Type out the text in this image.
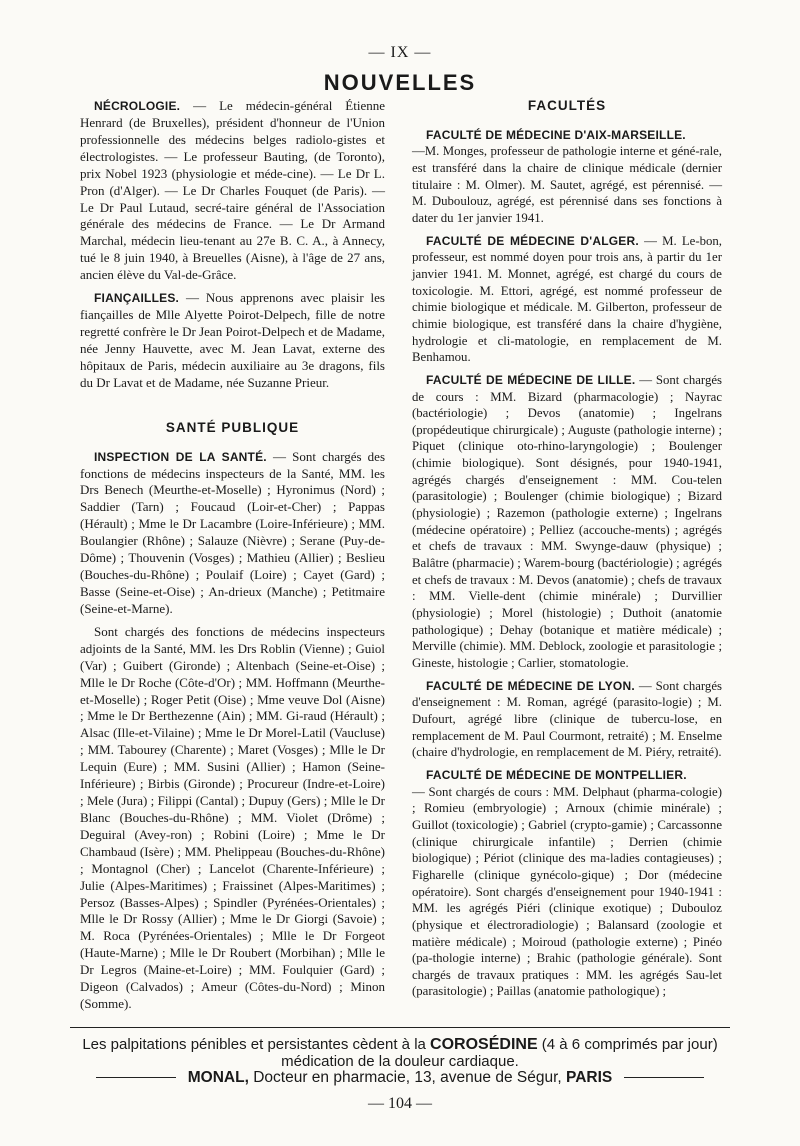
— IX —
NOUVELLES

NÉCROLOGIE. — Le médecin-général Étienne Henrard (de Bruxelles), président d'honneur de l'Union professionnelle des médecins belges radiolo-gistes et électrologistes. — Le professeur Bauting, (de Toronto), prix Nobel 1923 (physiologie et méde-cine). — Le Dr L. Pron (d'Alger). — Le Dr Charles Fouquet (de Paris). — Le Dr Paul Lutaud, secré-taire général de l'Association générale des médecins de France. — Le Dr Armand Marchal, médecin lieu-tenant au 27e B. C. A., à Annecy, tué le 8 juin 1940, à Breuelles (Aisne), à l'âge de 27 ans, ancien élève du Val-de-Grâce.

FIANÇAILLES. — Nous apprenons avec plaisir les fiançailles de Mlle Alyette Poirot-Delpech, fille de notre regretté confrère le Dr Jean Poirot-Delpech et de Madame, née Jenny Hauvette, avec M. Jean Lavat, externe des hôpitaux de Paris, médecin auxiliaire au 3e dragons, fils du Dr Lavat et de Madame, née Suzanne Prieur.

SANTÉ PUBLIQUE

INSPECTION DE LA SANTÉ. — Sont chargés des fonctions de médecins inspecteurs de la Santé, MM. les Drs Benech (Meurthe-et-Moselle) ; Hyronimus (Nord) ; Saddier (Tarn) ; Foucaud (Loir-et-Cher) ; Pappas (Hérault) ; Mme le Dr Lacambre (Loire-Inférieure) ; MM. Boulangier (Rhône) ; Salauze (Nièvre) ; Serane (Puy-de-Dôme) ; Thouvenin (Vosges) ; Mathieu (Allier) ; Beslieu (Bouches-du-Rhône) ; Poulaif (Loire) ; Cayet (Gard) ; Basse (Seine-et-Oise) ; An-drieux (Manche) ; Petitmaire (Seine-et-Marne).

Sont chargés des fonctions de médecins inspecteurs adjoints de la Santé, MM. les Drs Roblin (Vienne) ; Guiol (Var) ; Guibert (Gironde) ; Altenbach (Seine-et-Oise) ; Mlle le Dr Roche (Côte-d'Or) ; MM. Hoffmann (Meurthe-et-Moselle) ; Roger Petit (Oise) ; Mme veuve Dol (Aisne) ; Mme le Dr Berthezenne (Ain) ; MM. Gi-raud (Hérault) ; Alsac (Ille-et-Vilaine) ; Mme le Dr Morel-Latil (Vaucluse) ; MM. Tabourey (Charente) ; Maret (Vosges) ; Mlle le Dr Lequin (Eure) ; MM. Susini (Allier) ; Hamon (Seine-Inférieure) ; Birbis (Gironde) ; Procureur (Indre-et-Loire) ; Mele (Jura) ; Filippi (Cantal) ; Dupuy (Gers) ; Mlle le Dr Blanc (Bouches-du-Rhône) ; MM. Violet (Drôme) ; Deguiral (Avey-ron) ; Robini (Loire) ; Mme le Dr Chambaud (Isère) ; MM. Phelippeau (Bouches-du-Rhône) ; Montagnol (Cher) ; Lancelot (Charente-Inférieure) ; Julie (Alpes-Maritimes) ; Fraissinet (Alpes-Maritimes) ; Persoz (Basses-Alpes) ; Spindler (Pyrénées-Orientales) ; Mlle le Dr Rossy (Allier) ; Mme le Dr Giorgi (Savoie) ; M. Roca (Pyrénées-Orientales) ; Mlle le Dr Forgeot (Haute-Marne) ; Mlle le Dr Roubert (Morbihan) ; Mlle le Dr Legros (Maine-et-Loire) ; MM. Foulquier (Gard) ; Digeon (Calvados) ; Ameur (Côtes-du-Nord) ; Minon (Somme).

FACULTÉS

FACULTÉ DE MÉDECINE D'AIX-MARSEILLE.
—M. Monges, professeur de pathologie interne et géné-rale, est transféré dans la chaire de clinique médicale (dernier titulaire : M. Olmer). M. Sautet, agrégé, est pérennisé. — M. Duboulouz, agrégé, est pérennisé dans ses fonctions à dater du 1er janvier 1941.

FACULTÉ DE MÉDECINE D'ALGER. — M. Le-bon, professeur, est nommé doyen pour trois ans, à partir du 1er janvier 1941. M. Monnet, agrégé, est chargé du cours de toxicologie. M. Ettori, agrégé, est nommé professeur de chimie biologique et médicale. M. Gilberton, professeur de chimie biologique, est transféré dans la chaire d'hygiène, hydrologie et cli-matologie, en remplacement de M. Benhamou.

FACULTÉ DE MÉDECINE DE LILLE. — Sont chargés de cours : MM. Bizard (pharmacologie) ; Nayrac (bactériologie) ; Devos (anatomie) ; Ingelrans (propédeutique chirurgicale) ; Auguste (pathologie interne) ; Piquet (clinique oto-rhino-laryngologie) ; Boulenger (chimie biologique). Sont désignés, pour 1940-1941, agrégés chargés d'enseignement : MM. Cou-telen (parasitologie) ; Boulenger (chimie biologique) ; Bizard (physiologie) ; Razemon (pathologie externe) ; Ingelrans (médecine opératoire) ; Pelliez (accouche-ments) ; agrégés et chefs de travaux : MM. Swynge-dauw (physique) ; Balâtre (pharmacie) ; Warem-bourg (bactériologie) ; agrégés et chefs de travaux : M. Devos (anatomie) ; chefs de travaux : MM. Vielle-dent (chimie minérale) ; Durvillier (physiologie) ; Morel (histologie) ; Duthoit (anatomie pathologique) ; Dehay (botanique et matière médicale) ; Merville (chimie). MM. Deblock, zoologie et parasitologie ; Gineste, histologie ; Carlier, stomatologie.

FACULTÉ DE MÉDECINE DE LYON. — Sont chargés d'enseignement : M. Roman, agrégé (parasito-logie) ; M. Dufourt, agrégé libre (clinique de tubercu-lose, en remplacement de M. Paul Courmont, retraité) ; M. Enselme (chaire d'hydrologie, en remplacement de M. Piéry, retraité).

FACULTÉ DE MÉDECINE DE MONTPELLIER.
— Sont chargés de cours : MM. Delphaut (pharma-cologie) ; Romieu (embryologie) ; Arnoux (chimie minérale) ; Guillot (toxicologie) ; Gabriel (crypto-gamie) ; Carcassonne (clinique chirurgicale infantile) ; Derrien (chimie biologique) ; Périot (clinique des ma-ladies contagieuses) ; Figharelle (clinique gynécolo-gique) ; Dor (médecine opératoire). Sont chargés d'enseignement pour 1940-1941 : MM. les agrégés Piéri (clinique exotique) ; Dubouloz (physique et électroradiologie) ; Balansard (zoologie et matière médicale) ; Moiroud (pathologie externe) ; Pinéo (pa-thologie interne) ; Brahic (pathologie générale). Sont chargés de travaux pratiques : MM. les agrégés Sau-let (parasitologie) ; Paillas (anatomie pathologique) ;

Les palpitations pénibles et persistantes cèdent à la COROSÉDINE (4 à 6 comprimés par jour)
médication de la douleur cardiaque.
MONAL, Docteur en pharmacie, 13, avenue de Ségur, PARIS
— 104 —
